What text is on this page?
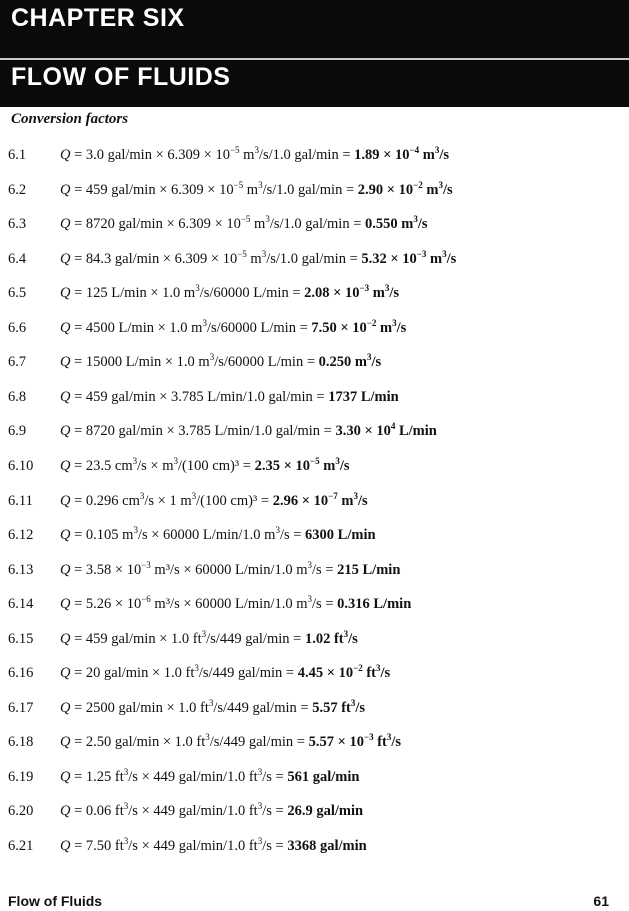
CHAPTER SIX
FLOW OF FLUIDS
Conversion factors
6.1 Q = 3.0 $gal/\min \times 6.309 \times 10^{-5}$ $m^3/s/1.0$ $gal/\min = 1.89 \times 10^{-4}$ $m^3/s$
6.2 Q = 459 $gal/\min \times 6.309 \times 10^{-5}$ $m^3/s/1.0$ $gal/\min = 2.90 \times 10^{-2}$ $m^3/s$
6.3 Q = 8720 $gal/\min \times 6.309 \times 10^{-5}$ $m^3/s/1.0$ gal/min = 0.550 $m^3/s$
6.4 Q = 84.3 $gal/\min \times 6.309 \times 10^{-5}$ $m^3/s/1.0$ $gal/\min = 5.32 \times 10^{-3}$ $m^3/s$
6.5 Q = 125 L/min × 1.0 $m^3/s/60000$ $L/\min = 2.08 \times 10^{-3}$ $m^3/s$
6.6 Q = 4500 L/min × 1.0 $m^3/s/60000$ $L/\min = 7.50 \times 10^{-2}$ $m^3/s$
6.7 Q = 15000 L/min × 1.0 $m^3/s/60000$ L/min = 0.250 $m^3/s$
6.8 Q = 459 gal/min × 3.785 L/min/1.0 gal/min = 1737 L/min
6.9 Q = 8720 gal/min × 3.785 L/min/1.0 $gal/\min = 3.30 \times 10^4$ L/min
6.10 Q = 23.5 $cm^3/s \times m^3/(100$ $cm)^3 = 2.35 \times 10^{-5}$ $m^3/s$
6.11 Q = 0.296 $cm^3/s \times 1$ $m^3/(100$ $cm)^3 = 2.96 \times 10^{-7}$ $m^3/s$
6.12 Q = 0.105 $m^3/s \times 60000$ L/min/1.0 $m^3/s = 6300$ L/min
6.13 $Q = 3.58 \times 10^{-3}$ m³/s × 60000 L/min/1.0 $m^3/s = 215$ L/min
6.14 $Q = 5.26 \times 10^{-6}$ m³/s × 60000 L/min/1.0 $m^3/s = 0.316$ L/min
6.15 Q = 459 gal/min × 1.0 $ft^3/s/449$ gal/min = 1.02 $ft^3/s$
6.16 Q = 20 gal/min × 1.0 $ft^3/s/449$ $gal/\min = 4.45 \times 10^{-2}$ $ft^3/s$
6.17 Q = 2500 gal/min × 1.0 $ft^3/s/449$ gal/min = 5.57 $ft^3/s$
6.18 Q = 2.50 gal/min × 1.0 $ft^3/s/449$ $gal/\min = 5.57 \times 10^{-3}$ $ft^3/s$
6.19 Q = 1.25 $ft^3/s \times 449$ gal/min/1.0 $ft^3/s = 561$ gal/min
6.20 Q = 0.06 $ft^3/s \times 449$ gal/min/1.0 $ft^3/s = 26.9$ gal/min
6.21 Q = 7.50 $ft^3/s \times 449$ gal/min/1.0 $ft^3/s = 3368$ gal/min
Flow of Fluids	61
